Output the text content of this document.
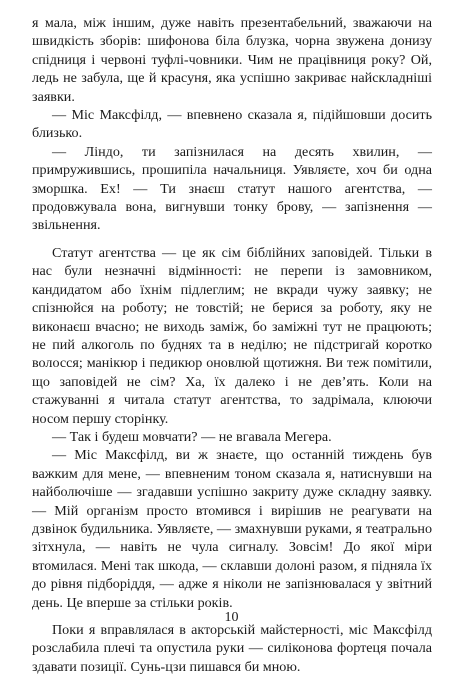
я мала, між іншим, дуже навіть презентабельний, зважаючи на швидкість зборів: шифонова біла блузка, чорна звужена донизу спідниця і червоні туфлі-човники. Чим не працівниця року? Ой, ледь не забула, ще й красуня, яка успішно закриває найскладніші заявки.

— Міс Максфілд, — впевнено сказала я, підійшовши досить близько.

— Ліндо, ти запізнилася на десять хвилин, — примружившись, прошипіла начальниця. Уявляєте, хоч би одна зморшка. Ех! — Ти знаєш статут нашого агентства, — продовжувала вона, вигнувши тонку брову, — запізнення — звільнення.

Статут агентства — це як сім біблійних заповідей. Тільки в нас були незначні відмінності: не перепи із замовником, кандидатом або їхнім підлеглим; не вкради чужу заявку; не спізнюйся на роботу; не товстій; не берися за роботу, яку не виконаєш вчасно; не виходь заміж, бо заміжні тут не працюють; не пий алкоголь по буднях та в неділю; не підстригай коротко волосся; манікюр і педикюр оновлюй щотижня. Ви теж помітили, що заповідей не сім? Ха, їх далеко і не дев’ять. Коли на стажуванні я читала статут агентства, то задрімала, клюючи носом першу сторінку.

— Так і будеш мовчати? — не вгавала Мегера.

— Міс Максфілд, ви ж знаєте, що останній тиждень був важким для мене, — впевненим тоном сказала я, натиснувши на найболючіше — згадавши успішно закриту дуже складну заявку. — Мій організм просто втомився і вирішив не реагувати на дзвінок будильника. Уявляєте, — змахнувши руками, я театрально зітхнула, — навіть не чула сигналу. Зовсім! До якої міри втомилася. Мені так шкода, — склавши долоні разом, я підняла їх до рівня підборіддя, — адже я ніколи не запізнювалася у звітний день. Це вперше за стільки років.

Поки я вправлялася в акторській майстерності, міс Максфілд розслабила плечі та опустила руки — силіконова фортеця почала здавати позиції. Сунь-цзи пишався би мною.

10
